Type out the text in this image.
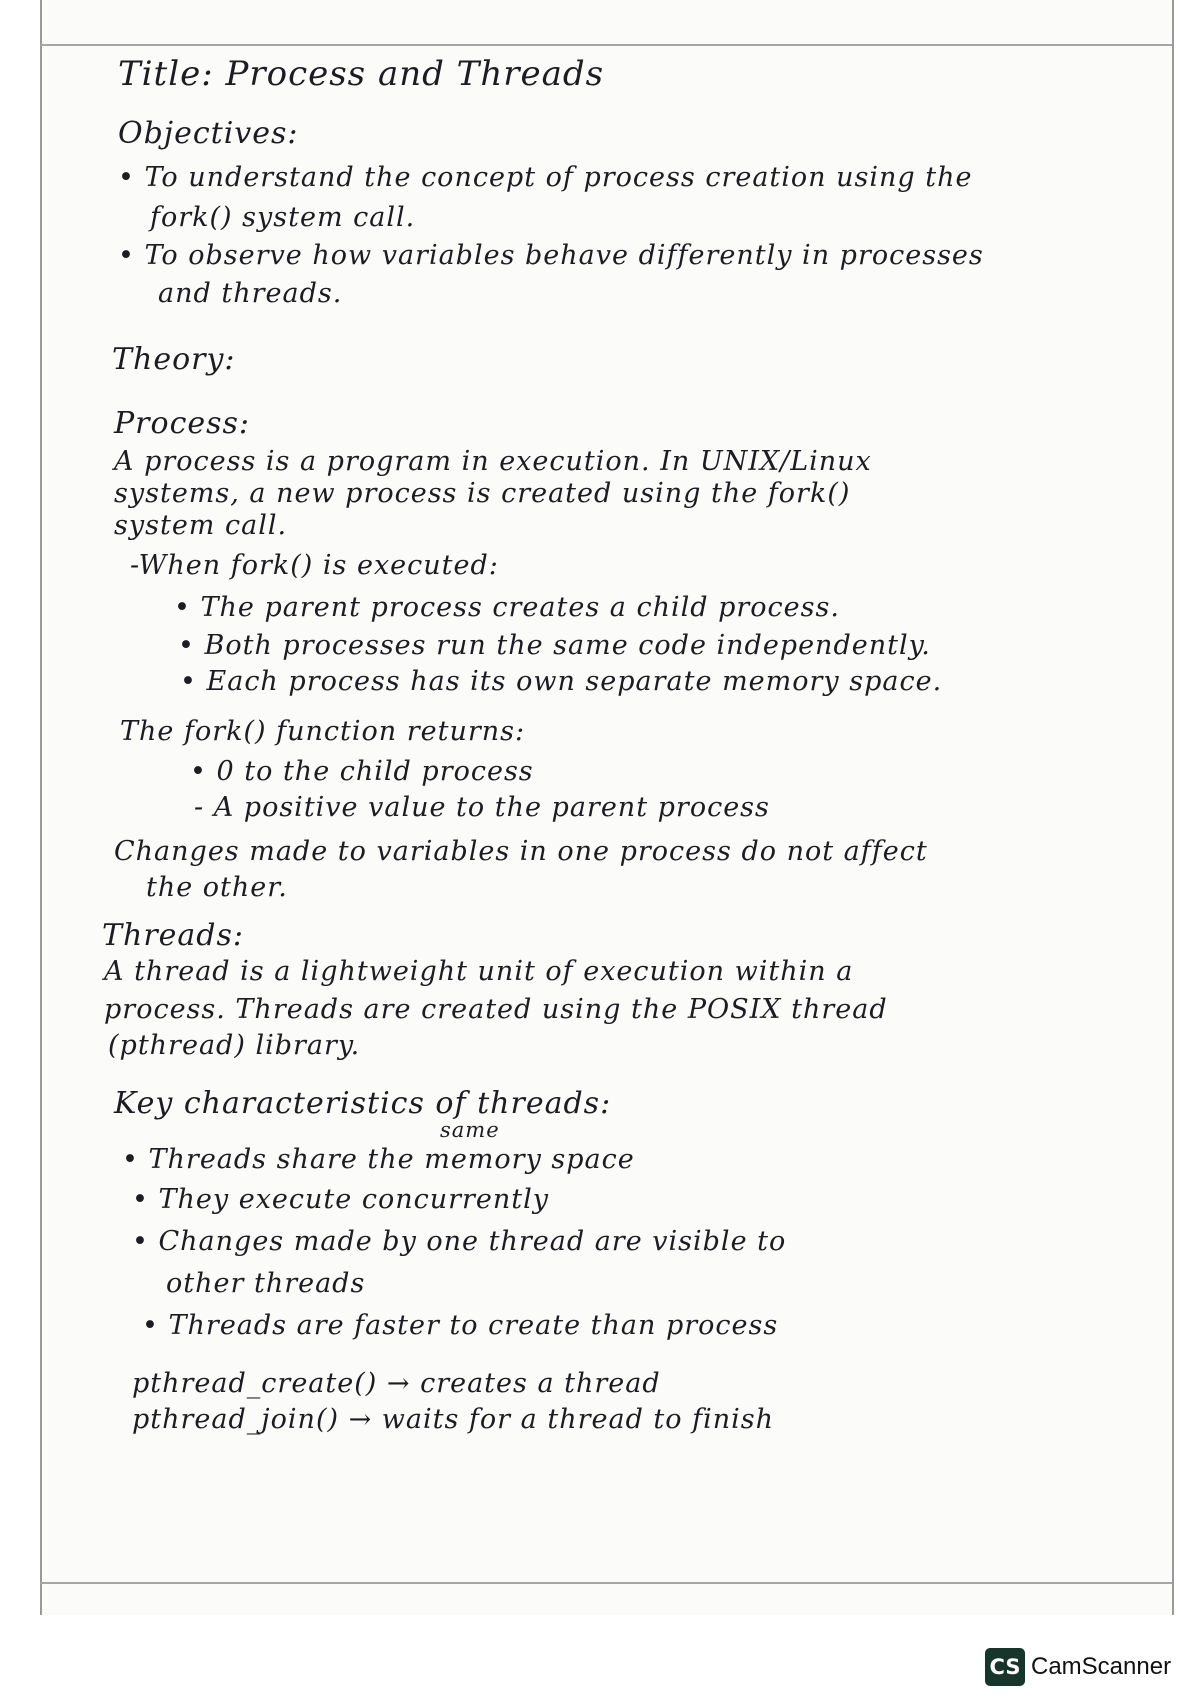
Title: Process and Threads
Objectives:
• To understand the concept of process creation using the
fork() system call.
• To observe how variables behave differently in processes
and threads.
Theory:
Process:
A process is a program in execution. In UNIX/Linux
systems, a new process is created using the fork()
system call.
-When fork() is executed:
• The parent process creates a child process.
• Both processes run the same code independently.
• Each process has its own separate memory space.
The fork() function returns:
• 0 to the child process
- A positive value to the parent process
Changes made to variables in one process do not affect
the other.
Threads:
A thread is a lightweight unit of execution within a
process. Threads are created using the POSIX thread
(pthread) library.
Key characteristics of threads:
same
• Threads share the memory space
• They execute concurrently
• Changes made by one thread are visible to
other threads
• Threads are faster to create than process
pthread_create() → creates a thread
pthread_join() → waits for a thread to finish
CS CamScanner
